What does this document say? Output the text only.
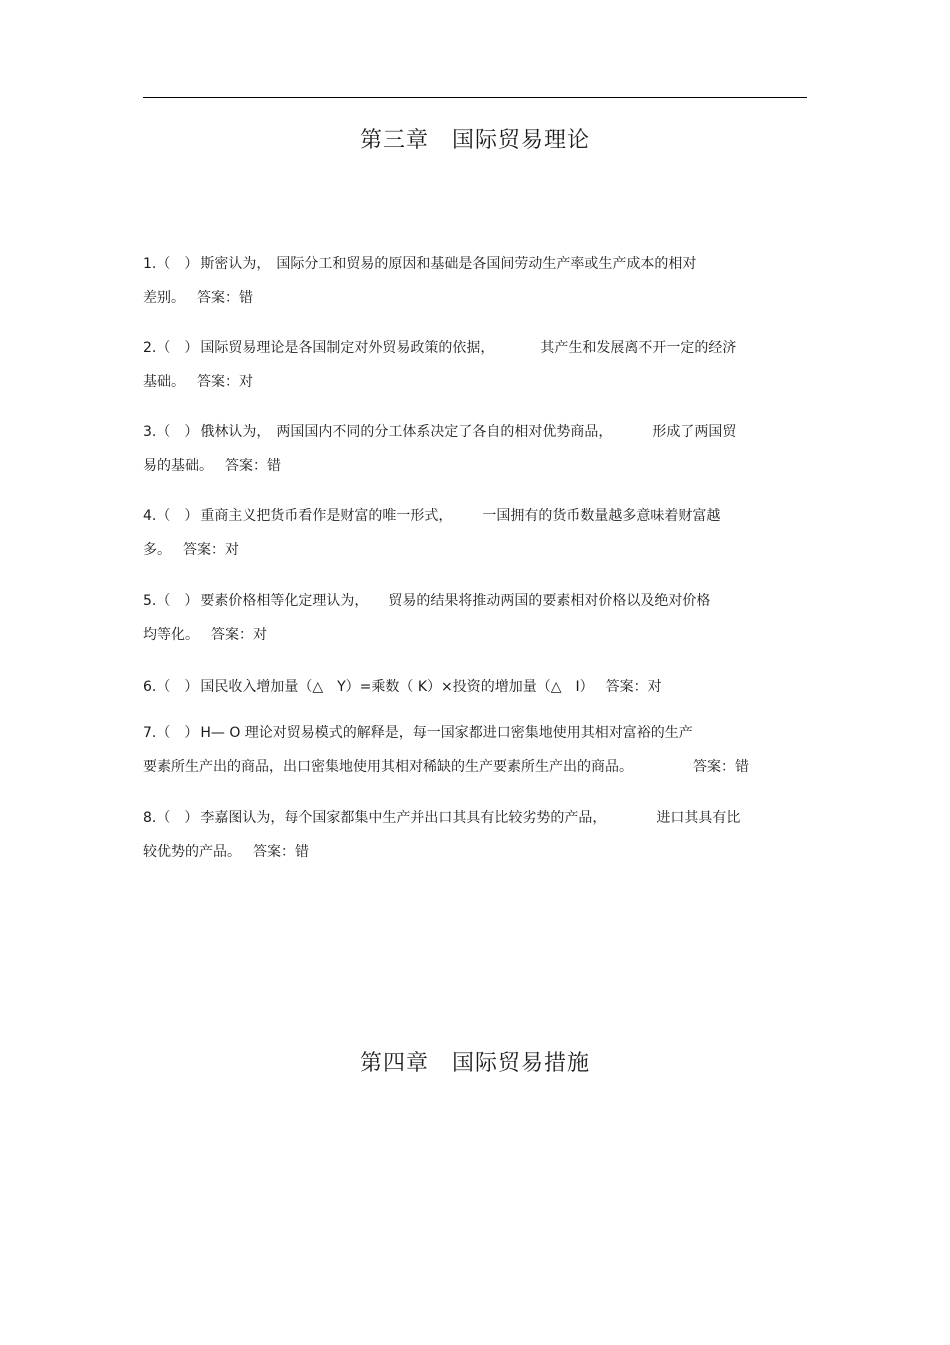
第三章　国际贸易理论
1. （　） 斯密认为， 国际分工和贸易的原因和基础是各国间劳动生产率或生产成本的相对
差别。 答案： 错
2. （　） 国际贸易理论是各国制定对外贸易政策的依据，	其产生和发展离不开一定的经济
基础。 答案： 对
3. （　） 俄林认为， 两国国内不同的分工体系决定了各自的相对优势商品，	形成了两国贸
易的基础。 答案： 错
4. （　） 重商主义把货币看作是财富的唯一形式， 一国拥有的货币数量越多意味着财富越
多。 答案： 对
5. （　） 要素价格相等化定理认为， 贸易的结果将推动两国的要素相对价格以及绝对价格
均等化。 答案： 对
6. （　） 国民收入增加量（△　Y）=乘数（ K）×投资的增加量（△　I） 答案： 对
7. （　） H— O 理论对贸易模式的解释是，每一国家都进口密集地使用其相对富裕的生产
要素所生产出的商品，出口密集地使用其相对稀缺的生产要素所生产出的商品。	答案： 错
8. （　） 李嘉图认为，每个国家都集中生产并出口其具有比较劣势的产品，	进口其具有比
较优势的产品。 答案： 错
第四章　国际贸易措施
